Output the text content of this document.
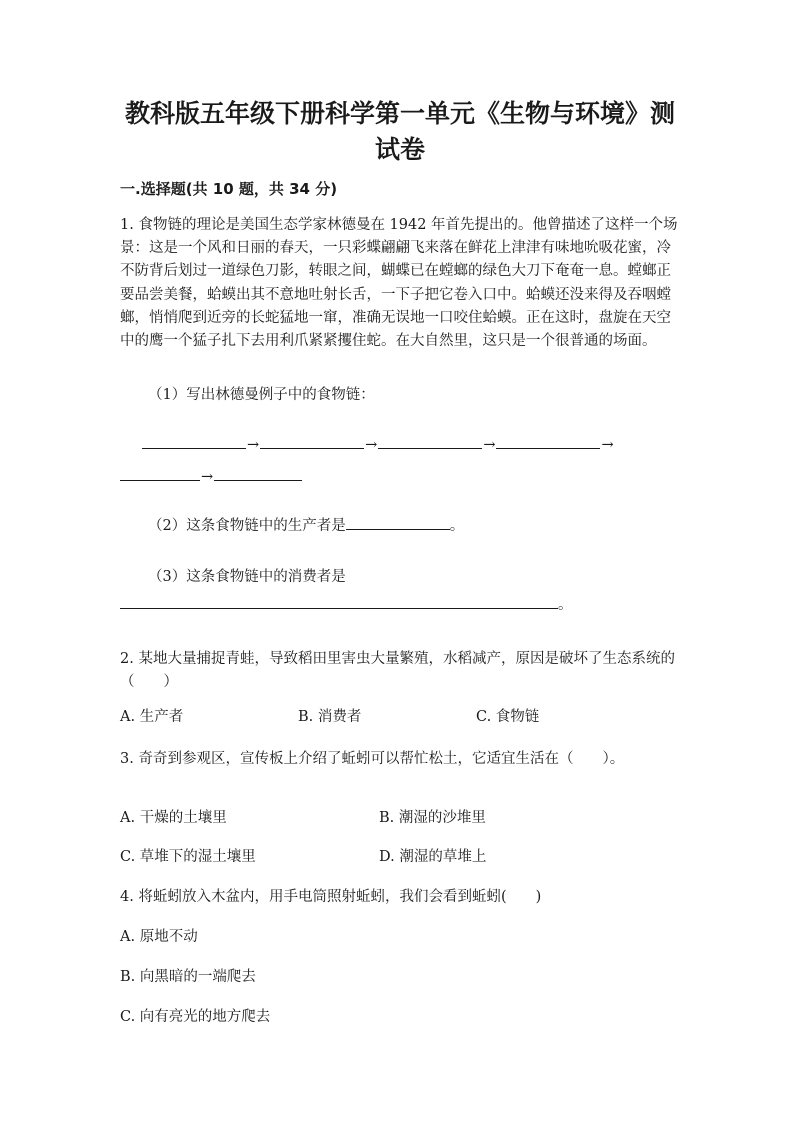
教科版五年级下册科学第一单元《生物与环境》测
试卷

一.选择题(共 10 题，共 34 分)

1. 食物链的理论是美国生态学家林德曼在 1942 年首先提出的。他曾描述了这样一个场景：这是一个风和日丽的春天，一只彩蝶翩翩飞来落在鲜花上津津有味地吮吸花蜜，冷不防背后划过一道绿色刀影，转眼之间，蝴蝶已在螳螂的绿色大刀下奄奄一息。螳螂正要品尝美餐，蛤蟆出其不意地吐射长舌，一下子把它卷入口中。蛤蟆还没来得及吞咽螳螂，悄悄爬到近旁的长蛇猛地一窜，准确无误地一口咬住蛤蟆。正在这时，盘旋在天空中的鹰一个猛子扎下去用利爪紧紧攫住蛇。在大自然里，这只是一个很普通的场面。

（1）写出林德曼例子中的食物链：

→	→	→	→
→
（2）这条食物链中的生产者是	。

（3）这条食物链中的消费者是

。

2. 某地大量捕捉青蛙，导致稻田里害虫大量繁殖，水稻减产，原因是破坏了生态系统的（　　）

A. 生产者	B. 消费者	C. 食物链

3. 奇奇到参观区，宣传板上介绍了蚯蚓可以帮忙松土，它适宜生活在（　　）。

A. 干燥的土壤里	B. 潮湿的沙堆里

C. 草堆下的湿土壤里	D. 潮湿的草堆上

4. 将蚯蚓放入木盆内，用手电筒照射蚯蚓，我们会看到蚯蚓(　　)

A. 原地不动

B. 向黑暗的一端爬去

C. 向有亮光的地方爬去
